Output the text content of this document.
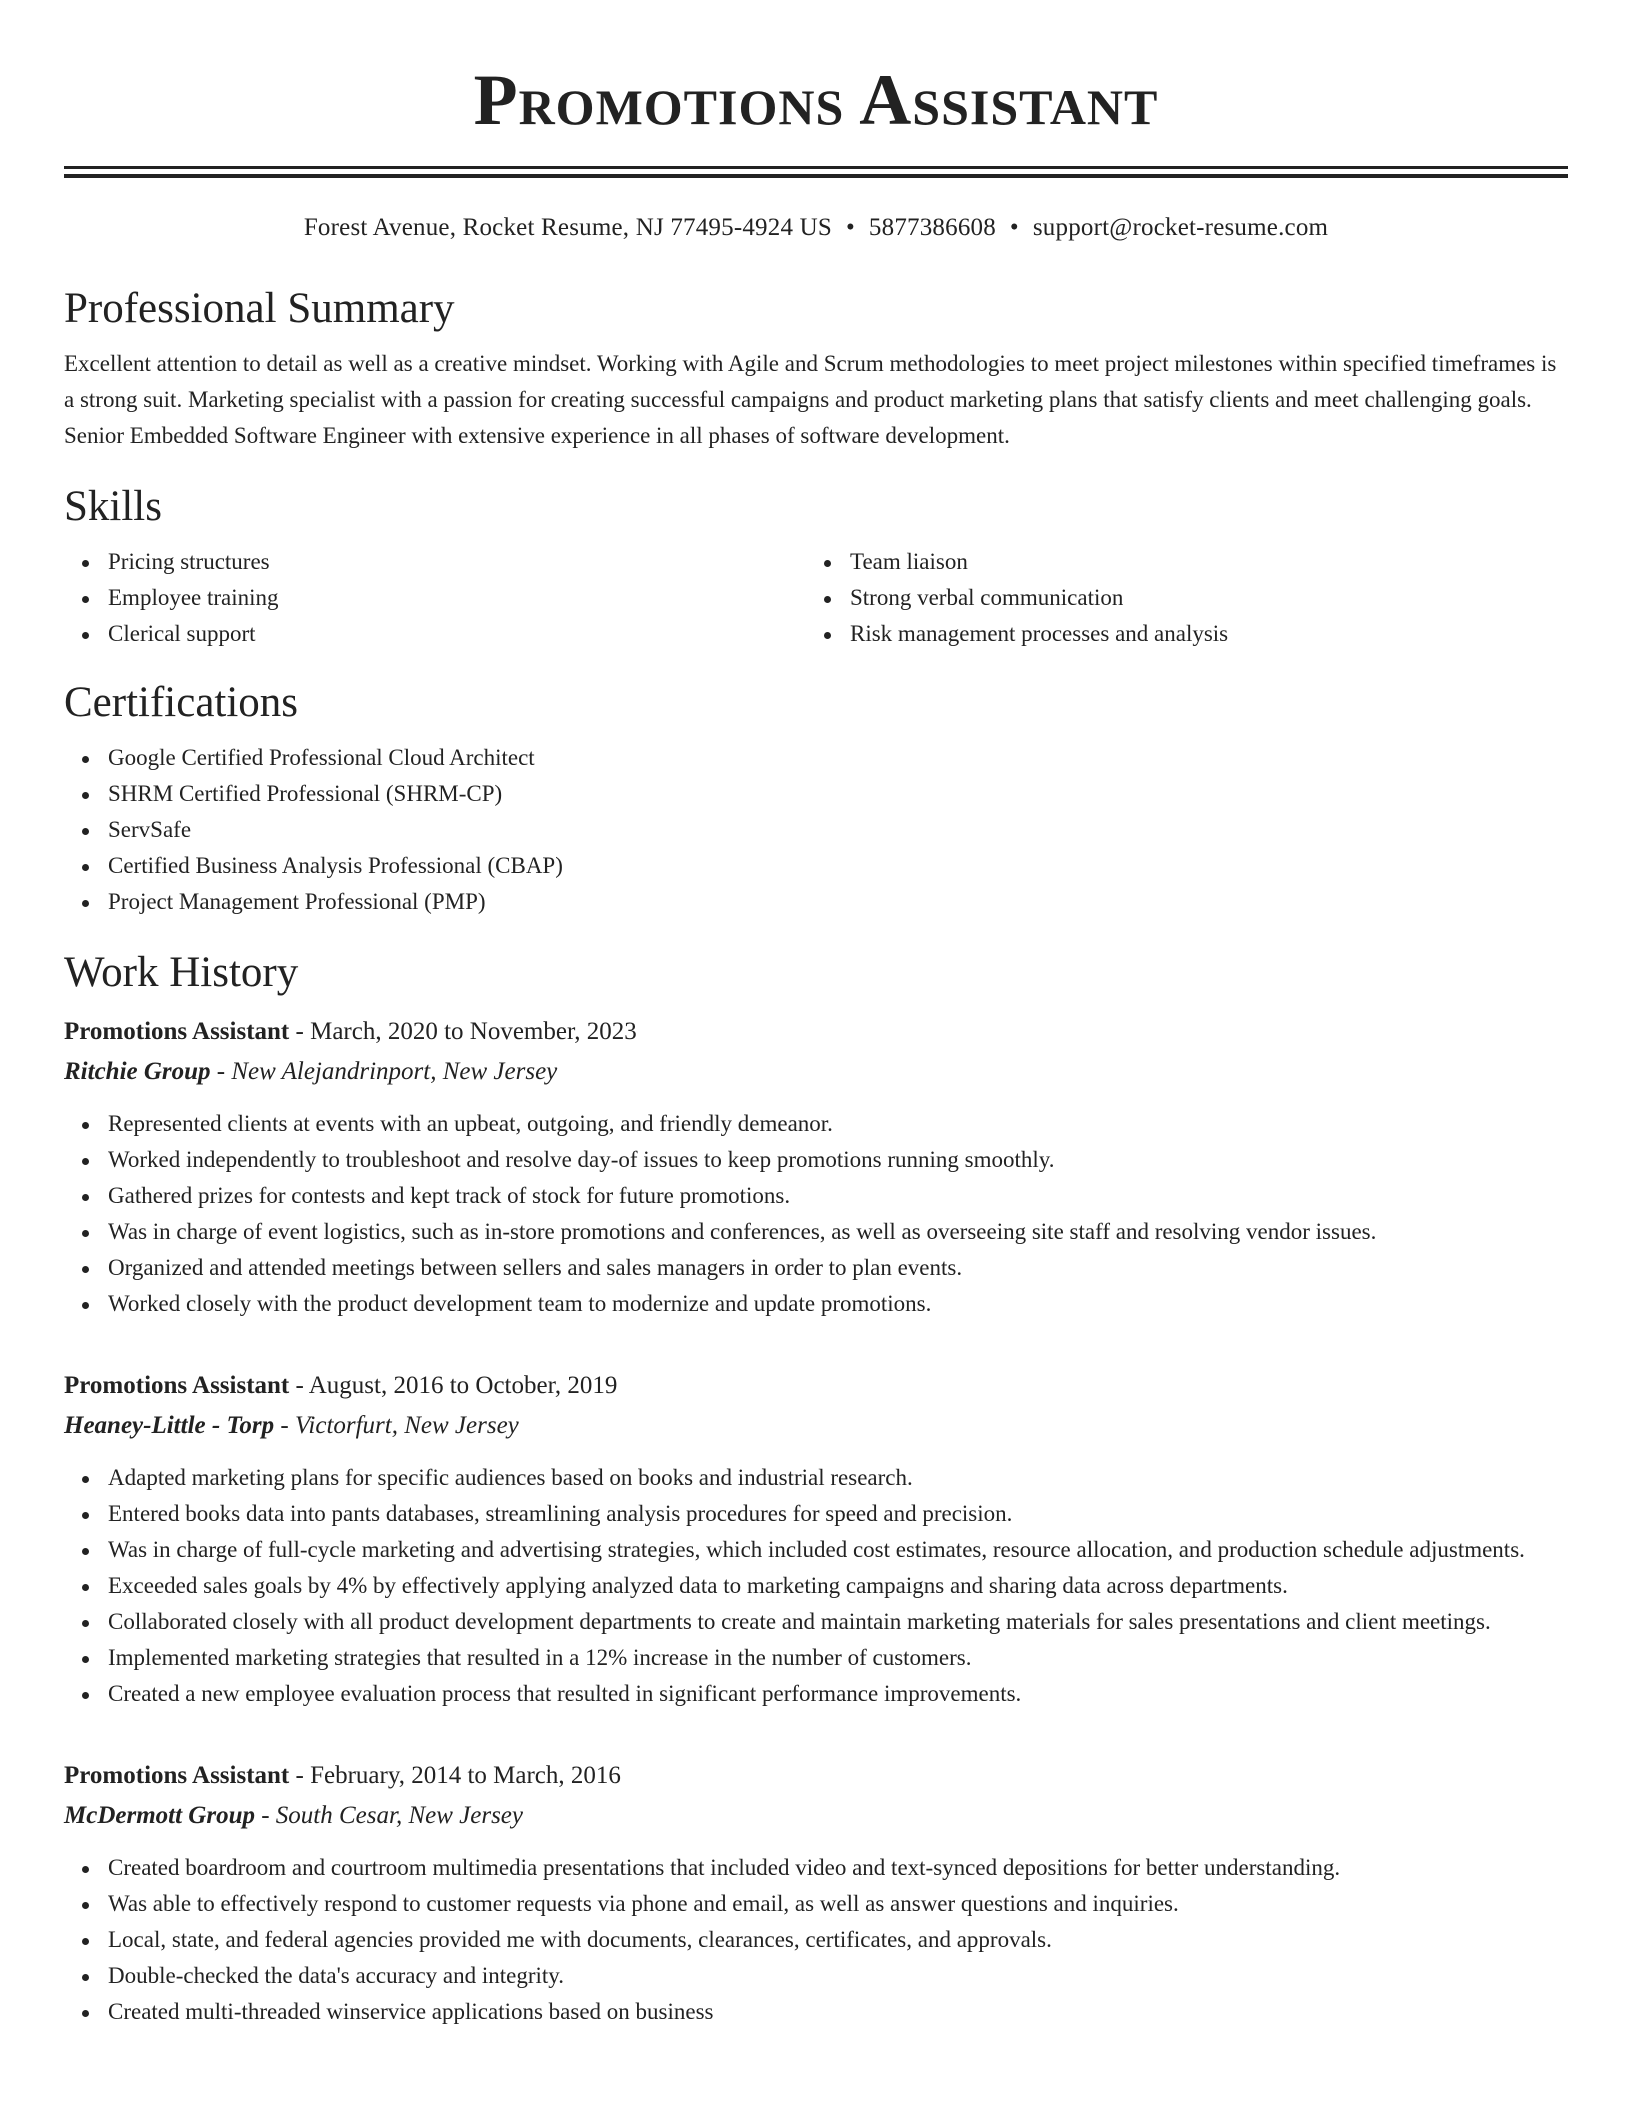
Promotions Assistant
Forest Avenue, Rocket Resume, NJ 77495-4924 US • 5877386608 • support@rocket-resume.com
Professional Summary

Excellent attention to detail as well as a creative mindset. Working with Agile and Scrum methodologies to meet project milestones within specified timeframes is a strong suit. Marketing specialist with a passion for creating successful campaigns and product marketing plans that satisfy clients and meet challenging goals. Senior Embedded Software Engineer with extensive experience in all phases of software development.

Skills
Pricing structures
Employee training
Clerical support
Team liaison
Strong verbal communication
Risk management processes and analysis
Certifications
Google Certified Professional Cloud Architect
SHRM Certified Professional (SHRM-CP)
ServSafe
Certified Business Analysis Professional (CBAP)
Project Management Professional (PMP)
Work History
Promotions Assistant - March, 2020 to November, 2023
Ritchie Group - New Alejandrinport, New Jersey
Represented clients at events with an upbeat, outgoing, and friendly demeanor.
Worked independently to troubleshoot and resolve day-of issues to keep promotions running smoothly.
Gathered prizes for contests and kept track of stock for future promotions.
Was in charge of event logistics, such as in-store promotions and conferences, as well as overseeing site staff and resolving vendor issues.
Organized and attended meetings between sellers and sales managers in order to plan events.
Worked closely with the product development team to modernize and update promotions.
Promotions Assistant - August, 2016 to October, 2019
Heaney-Little - Torp - Victorfurt, New Jersey
Adapted marketing plans for specific audiences based on books and industrial research.
Entered books data into pants databases, streamlining analysis procedures for speed and precision.
Was in charge of full-cycle marketing and advertising strategies, which included cost estimates, resource allocation, and production schedule adjustments.
Exceeded sales goals by 4% by effectively applying analyzed data to marketing campaigns and sharing data across departments.
Collaborated closely with all product development departments to create and maintain marketing materials for sales presentations and client meetings.
Implemented marketing strategies that resulted in a 12% increase in the number of customers.
Created a new employee evaluation process that resulted in significant performance improvements.
Promotions Assistant - February, 2014 to March, 2016
McDermott Group - South Cesar, New Jersey
Created boardroom and courtroom multimedia presentations that included video and text-synced depositions for better understanding.
Was able to effectively respond to customer requests via phone and email, as well as answer questions and inquiries.
Local, state, and federal agencies provided me with documents, clearances, certificates, and approvals.
Double-checked the data's accuracy and integrity.
Created multi-threaded winservice applications based on business
